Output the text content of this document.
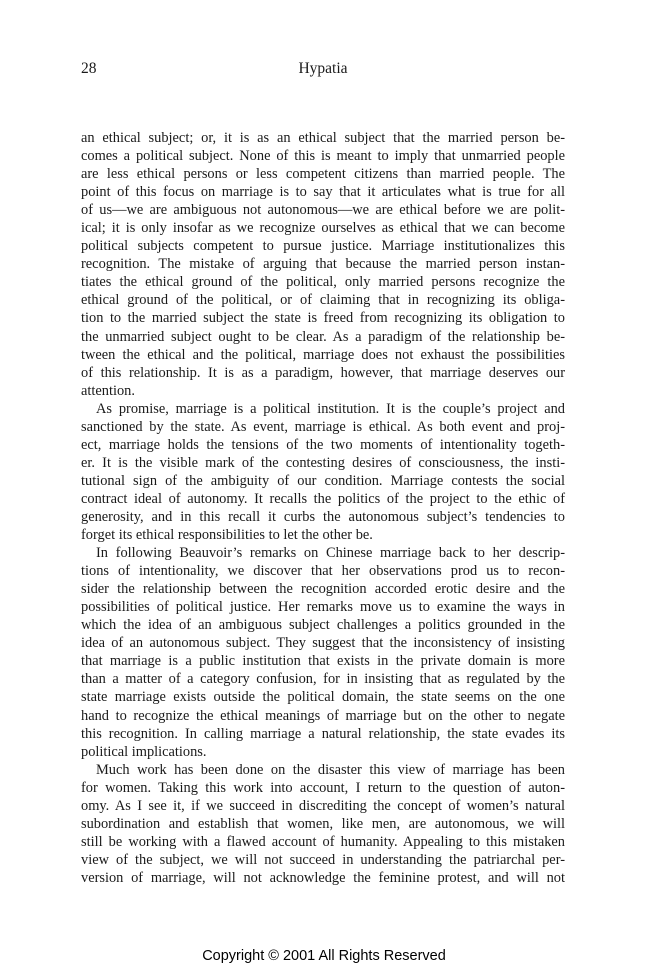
28	Hypatia
an ethical subject; or, it is as an ethical subject that the married person be-
comes a political subject. None of this is meant to imply that unmarried people
are less ethical persons or less competent citizens than married people. The
point of this focus on marriage is to say that it articulates what is true for all
of us—we are ambiguous not autonomous—we are ethical before we are polit-
ical; it is only insofar as we recognize ourselves as ethical that we can become
political subjects competent to pursue justice. Marriage institutionalizes this
recognition. The mistake of arguing that because the married person instan-
tiates the ethical ground of the political, only married persons recognize the
ethical ground of the political, or of claiming that in recognizing its obliga-
tion to the married subject the state is freed from recognizing its obligation to
the unmarried subject ought to be clear. As a paradigm of the relationship be-
tween the ethical and the political, marriage does not exhaust the possibilities
of this relationship. It is as a paradigm, however, that marriage deserves our
attention.
As promise, marriage is a political institution. It is the couple’s project and
sanctioned by the state. As event, marriage is ethical. As both event and proj-
ect, marriage holds the tensions of the two moments of intentionality togeth-
er. It is the visible mark of the contesting desires of consciousness, the insti-
tutional sign of the ambiguity of our condition. Marriage contests the social
contract ideal of autonomy. It recalls the politics of the project to the ethic of
generosity, and in this recall it curbs the autonomous subject’s tendencies to
forget its ethical responsibilities to let the other be.
In following Beauvoir’s remarks on Chinese marriage back to her descrip-
tions of intentionality, we discover that her observations prod us to recon-
sider the relationship between the recognition accorded erotic desire and the
possibilities of political justice. Her remarks move us to examine the ways in
which the idea of an ambiguous subject challenges a politics grounded in the
idea of an autonomous subject. They suggest that the inconsistency of insisting
that marriage is a public institution that exists in the private domain is more
than a matter of a category confusion, for in insisting that as regulated by the
state marriage exists outside the political domain, the state seems on the one
hand to recognize the ethical meanings of marriage but on the other to negate
this recognition. In calling marriage a natural relationship, the state evades its
political implications.
Much work has been done on the disaster this view of marriage has been
for women. Taking this work into account, I return to the question of auton-
omy. As I see it, if we succeed in discrediting the concept of women’s natural
subordination and establish that women, like men, are autonomous, we will
still be working with a flawed account of humanity. Appealing to this mistaken
view of the subject, we will not succeed in understanding the patriarchal per-
version of marriage, will not acknowledge the feminine protest, and will not
Copyright © 2001 All Rights Reserved
